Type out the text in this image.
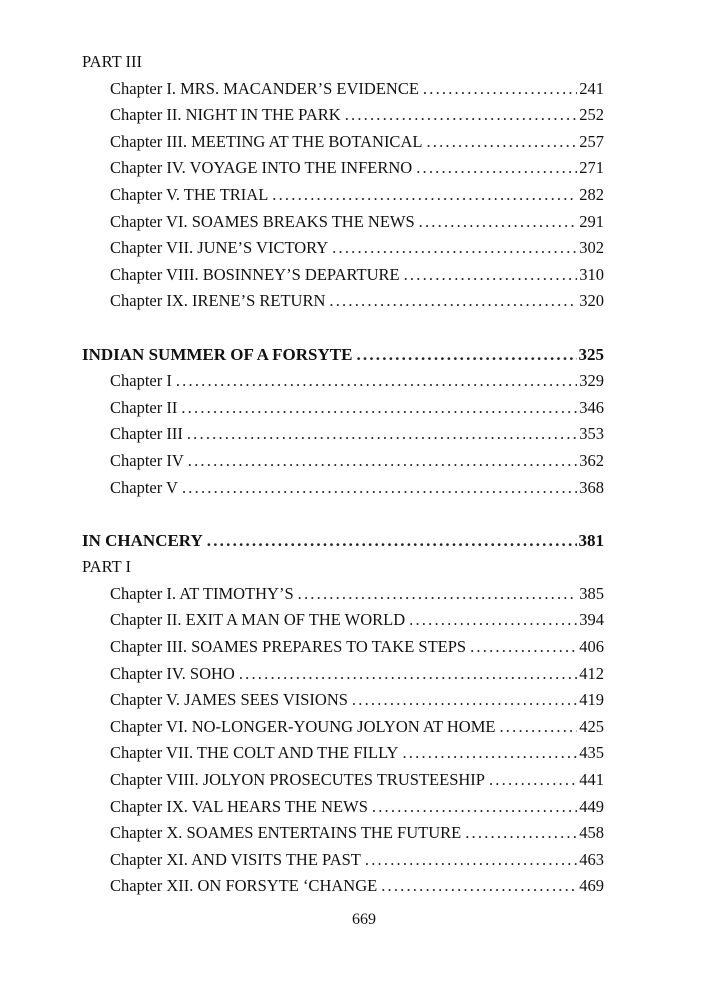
PART III
Chapter I. MRS. MACANDER’S EVIDENCE .....	241
Chapter II. NIGHT IN THE PARK .....	252
Chapter III. MEETING AT THE BOTANICAL .....	257
Chapter IV. VOYAGE INTO THE INFERNO .....	271
Chapter V. THE TRIAL .....	282
Chapter VI. SOAMES BREAKS THE NEWS .....	291
Chapter VII. JUNE’S VICTORY .....	302
Chapter VIII. BOSINNEY’S DEPARTURE .....	310
Chapter IX. IRENE’S RETURN .....	320
INDIAN SUMMER OF A FORSYTE .....	325
Chapter I .....	329
Chapter II .....	346
Chapter III .....	353
Chapter IV .....	362
Chapter V .....	368
IN CHANCERY .....	381
PART I
Chapter I. AT TIMOTHY’S .....	385
Chapter II. EXIT A MAN OF THE WORLD .....	394
Chapter III. SOAMES PREPARES TO TAKE STEPS .....	406
Chapter IV. SOHO .....	412
Chapter V. JAMES SEES VISIONS .....	419
Chapter VI. NO-LONGER-YOUNG JOLYON AT HOME .....	425
Chapter VII. THE COLT AND THE FILLY .....	435
Chapter VIII. JOLYON PROSECUTES TRUSTEESHIP .....	441
Chapter IX. VAL HEARS THE NEWS .....	449
Chapter X. SOAMES ENTERTAINS THE FUTURE .....	458
Chapter XI. AND VISITS THE PAST .....	463
Chapter XII. ON FORSYTE ‘CHANGE .....	469
669
